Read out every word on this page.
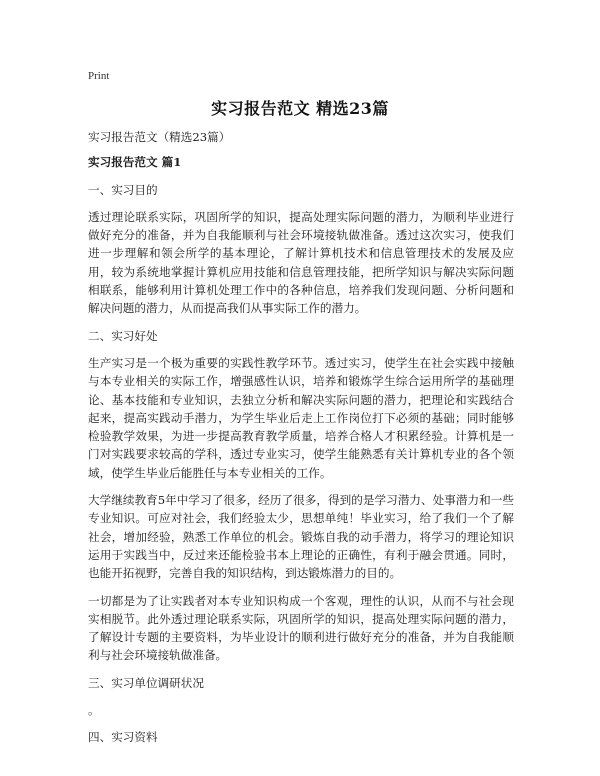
Print
实习报告范文 精选23篇

实习报告范文（精选23篇）

实习报告范文 篇1

一、实习目的

透过理论联系实际，巩固所学的知识，提高处理实际问题的潜力，为顺利毕业进行做好充分的准备，并为自我能顺利与社会环境接轨做准备。透过这次实习，使我们进一步理解和领会所学的基本理论，了解计算机技术和信息管理技术的发展及应用，较为系统地掌握计算机应用技能和信息管理技能，把所学知识与解决实际问题相联系，能够利用计算机处理工作中的各种信息，培养我们发现问题、分析问题和解决问题的潜力，从而提高我们从事实际工作的潜力。

二、实习好处

生产实习是一个极为重要的实践性教学环节。透过实习，使学生在社会实践中接触与本专业相关的实际工作，增强感性认识，培养和锻炼学生综合运用所学的基础理论、基本技能和专业知识，去独立分析和解决实际问题的潜力，把理论和实践结合起来，提高实践动手潜力，为学生毕业后走上工作岗位打下必须的基础；同时能够检验教学效果，为进一步提高教育教学质量，培养合格人才积累经验。计算机是一门对实践要求较高的学科，透过专业实习，使学生能熟悉有关计算机专业的各个领域，使学生毕业后能胜任与本专业相关的工作。

大学继续教育5年中学习了很多，经历了很多，得到的是学习潜力、处事潜力和一些专业知识。可应对社会，我们经验太少，思想单纯！毕业实习，给了我们一个了解社会，增加经验，熟悉工作单位的机会。锻炼自我的动手潜力，将学习的理论知识运用于实践当中，反过来还能检验书本上理论的正确性，有利于融会贯通。同时，也能开拓视野，完善自我的知识结构，到达锻炼潜力的目的。

一切都是为了让实践者对本专业知识构成一个客观，理性的认识，从而不与社会现实相脱节。此外透过理论联系实际，巩固所学的知识，提高处理实际问题的潜力，了解设计专题的主要资料，为毕业设计的顺利进行做好充分的准备，并为自我能顺利与社会环境接轨做准备。

三、实习单位调研状况

。

四、实习资料
